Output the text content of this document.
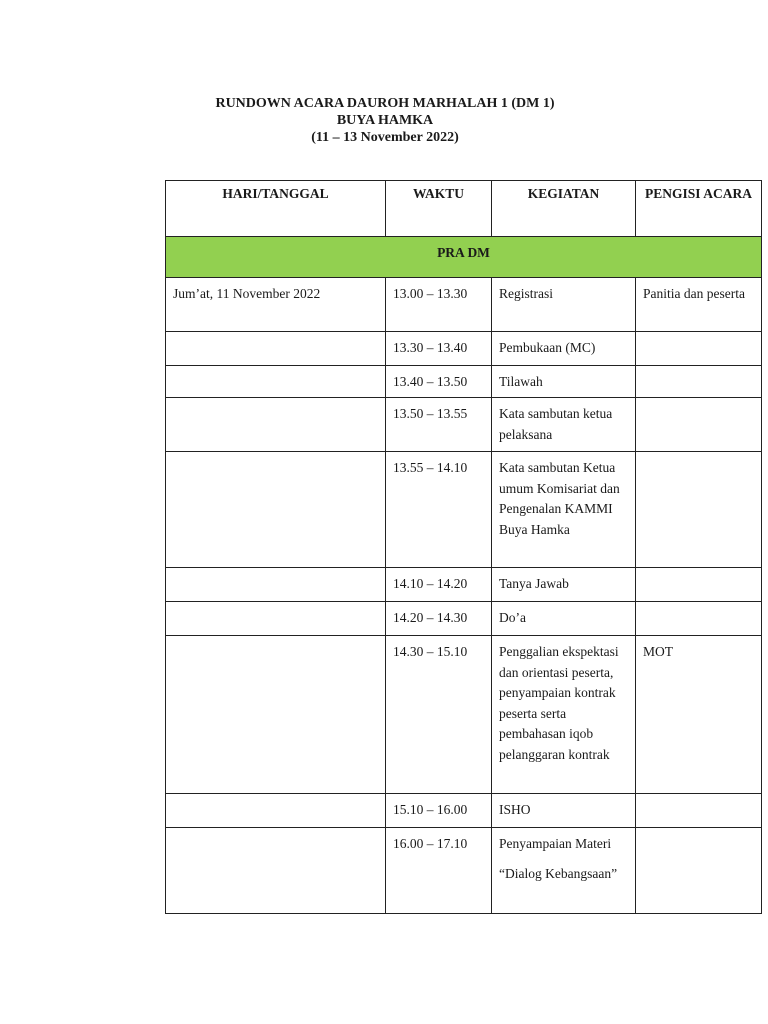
RUNDOWN ACARA DAUROH MARHALAH 1 (DM 1)
BUYA HAMKA
(11 – 13 November 2022)
HARI/TANGGAL	WAKTU	KEGIATAN	PENGISI ACARA
PRA DM			
Jum’at, 11 November 2022	13.00 – 13.30	Registrasi	Panitia dan peserta
	13.30 – 13.40	Pembukaan (MC)	
	13.40 – 13.50	Tilawah	
	13.50 – 13.55	Kata sambutan ketua pelaksana	
	13.55 – 14.10	Kata sambutan Ketua umum Komisariat dan Pengenalan KAMMI Buya Hamka	
	14.10 – 14.20	Tanya Jawab	
	14.20 – 14.30	Do’a	
	14.30 – 15.10	Penggalian ekspektasi dan orientasi peserta, penyampaian kontrak peserta serta pembahasan iqob pelanggaran kontrak	MOT
	15.10 – 16.00	ISHO	
	16.00 – 17.10	Penyampaian Materi
“Dialog Kebangsaan”	
